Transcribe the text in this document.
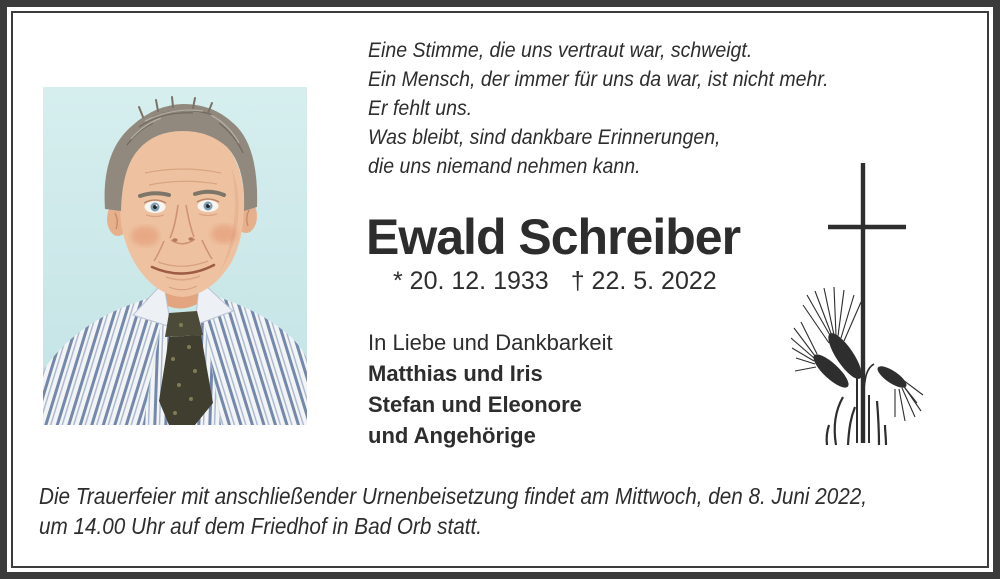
Eine Stimme, die uns vertraut war, schweigt.
Ein Mensch, der immer für uns da war, ist nicht mehr.
Er fehlt uns.
Was bleibt, sind dankbare Erinnerungen,
die uns niemand nehmen kann.
Ewald Schreiber
* 20. 12. 1933 † 22. 5. 2022
In Liebe und Dankbarkeit
Matthias und Iris
Stefan und Eleonore
und Angehörige
Die Trauerfeier mit anschließender Urnenbeisetzung findet am Mittwoch, den 8. Juni 2022,
um 14.00 Uhr auf dem Friedhof in Bad Orb statt.
